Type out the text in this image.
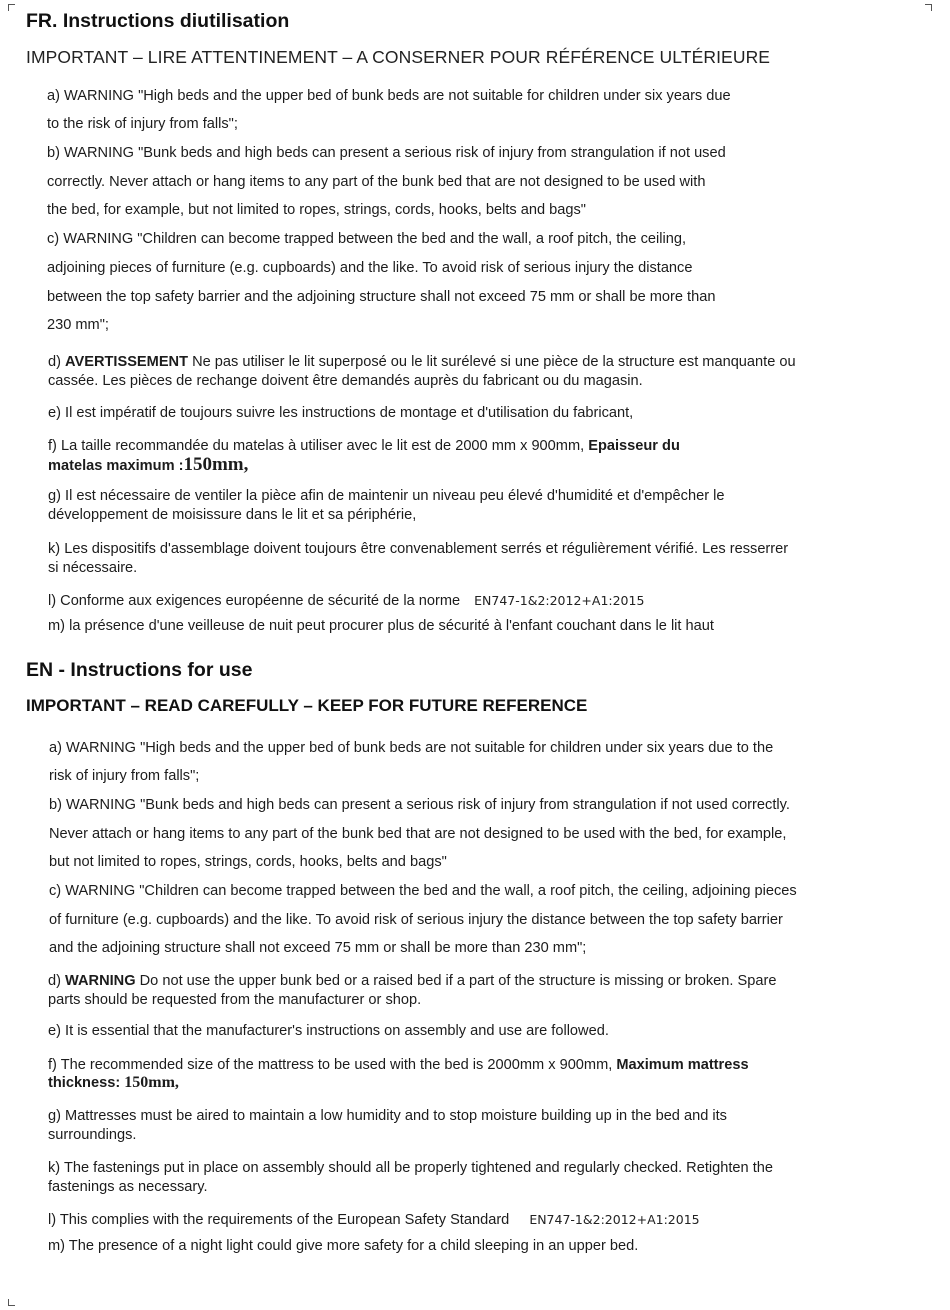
FR. Instructions diutilisation
IMPORTANT – LIRE ATTENTINEMENT – A CONSERNER POUR RÉFÉRENCE ULTÉRIEURE
a) WARNING "High beds and the upper bed of bunk beds are not suitable for children under six years due
to the risk of injury from falls";
b) WARNING "Bunk beds and high beds can present a serious risk of injury from strangulation if not used
correctly. Never attach or hang items to any part of the bunk bed that are not designed to be used with
the bed, for example, but not limited to ropes, strings, cords, hooks, belts and bags"
c) WARNING "Children can become trapped between the bed and the wall, a roof pitch, the ceiling,
adjoining pieces of furniture (e.g. cupboards) and the like. To avoid risk of serious injury the distance
between the top safety barrier and the adjoining structure shall not exceed 75 mm or shall be more than
230 mm";
d) AVERTISSEMENT Ne pas utiliser le lit superposé ou le lit surélevé si une pièce de la structure est manquante ou
cassée. Les pièces de rechange doivent être demandés auprès du fabricant ou du magasin.
e) Il est impératif de toujours suivre les instructions de montage et d'utilisation du fabricant,
f) La taille recommandée du matelas à utiliser avec le lit est de 2000 mm x 900mm, Epaisseur du
matelas maximum :150mm,
g) Il est nécessaire de ventiler la pièce afin de maintenir un niveau peu élevé d'humidité et d'empêcher le
développement de moisissure dans le lit et sa périphérie,
k) Les dispositifs d'assemblage doivent toujours être convenablement serrés et régulièrement vérifié. Les resserrer
si nécessaire.
l) Conforme aux exigences européenne de sécurité de la norme EN747-1&2:2012+A1:2015
m) la présence d'une veilleuse de nuit peut procurer plus de sécurité à l'enfant couchant dans le lit haut
EN - Instructions for use
IMPORTANT – READ CAREFULLY – KEEP FOR FUTURE REFERENCE
a) WARNING "High beds and the upper bed of bunk beds are not suitable for children under six years due to the
risk of injury from falls";
b) WARNING "Bunk beds and high beds can present a serious risk of injury from strangulation if not used correctly.
Never attach or hang items to any part of the bunk bed that are not designed to be used with the bed, for example,
but not limited to ropes, strings, cords, hooks, belts and bags"
c) WARNING "Children can become trapped between the bed and the wall, a roof pitch, the ceiling, adjoining pieces
of furniture (e.g. cupboards) and the like. To avoid risk of serious injury the distance between the top safety barrier
and the adjoining structure shall not exceed 75 mm or shall be more than 230 mm";
d) WARNING Do not use the upper bunk bed or a raised bed if a part of the structure is missing or broken. Spare
parts should be requested from the manufacturer or shop.
e) It is essential that the manufacturer's instructions on assembly and use are followed.
f) The recommended size of the mattress to be used with the bed is 2000mm x 900mm, Maximum mattress
thickness: 150mm,
g) Mattresses must be aired to maintain a low humidity and to stop moisture building up in the bed and its
surroundings.
k) The fastenings put in place on assembly should all be properly tightened and regularly checked. Retighten the
fastenings as necessary.
l) This complies with the requirements of the European Safety Standard EN747-1&2:2012+A1:2015
m) The presence of a night light could give more safety for a child sleeping in an upper bed.
